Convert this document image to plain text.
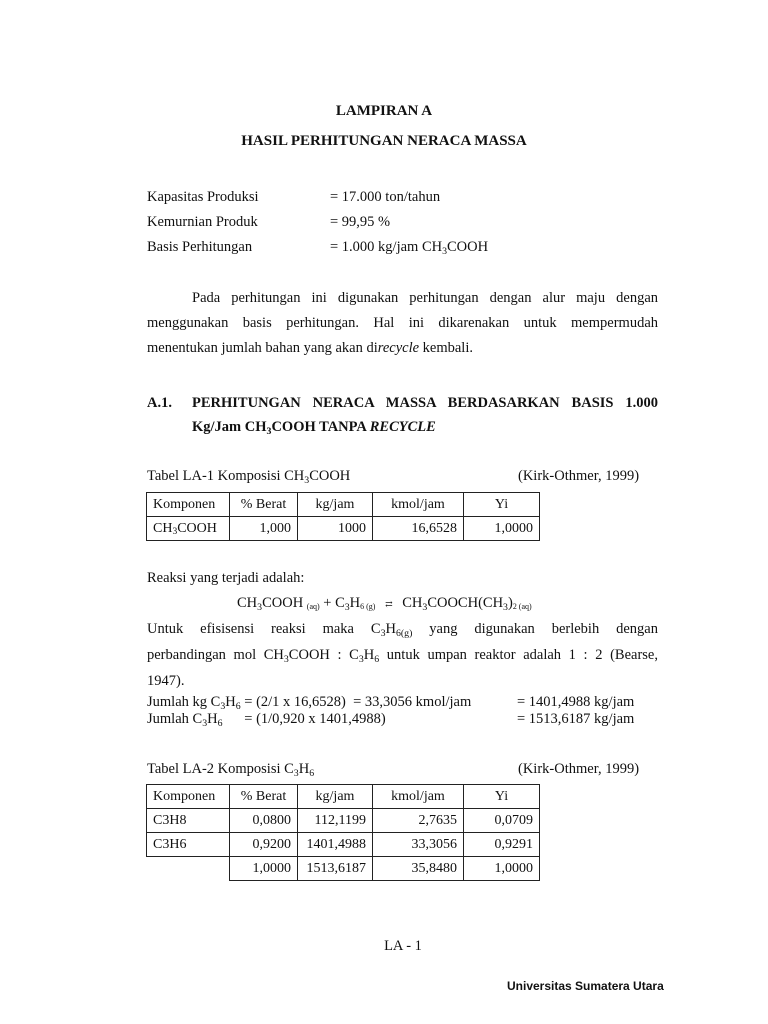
LAMPIRAN A
HASIL PERHITUNGAN NERACA MASSA
Kapasitas Produksi	= 17.000 ton/tahun
Kemurnian Produk	= 99,95 %
Basis Perhitungan	= 1.000 kg/jam CH3COOH
Pada perhitungan ini digunakan perhitungan dengan alur maju dengan
menggunakan basis perhitungan. Hal ini dikarenakan untuk mempermudah
menentukan jumlah bahan yang akan direcycle kembali.
A.1. PERHITUNGAN NERACA MASSA BERDASARKAN BASIS 1.000
Kg/Jam CH3COOH TANPA RECYCLE
Tabel LA-1 Komposisi CH3COOH	(Kirk-Othmer, 1999)
Komponen	% Berat	kg/jam	kmol/jam	Yi
CH3COOH	1,000	1000	16,6528	1,0000
Reaksi yang terjadi adalah:
CH3COOH (aq) + C3H6 (g) ⇄ CH3COOCH(CH3)2 (aq)
Untuk efisisensi reaksi maka C3H6(g) yang digunakan berlebih dengan
perbandingan mol CH3COOH : C3H6 untuk umpan reaktor adalah 1 : 2 (Bearse,
1947).
Jumlah kg C3H6 = (2/1 x 16,6528)  = 33,3056 kmol/jam	= 1401,4988 kg/jam
Jumlah C3H6      = (1/0,920 x 1401,4988)	= 1513,6187 kg/jam
Tabel LA-2 Komposisi C3H6	(Kirk-Othmer, 1999)
Komponen	% Berat	kg/jam	kmol/jam	Yi
C3H8	0,0800	112,1199	2,7635	0,0709
C3H6	0,9200	1401,4988	33,3056	0,9291
	1,0000	1513,6187	35,8480	1,0000
LA - 1
Universitas Sumatera Utara
